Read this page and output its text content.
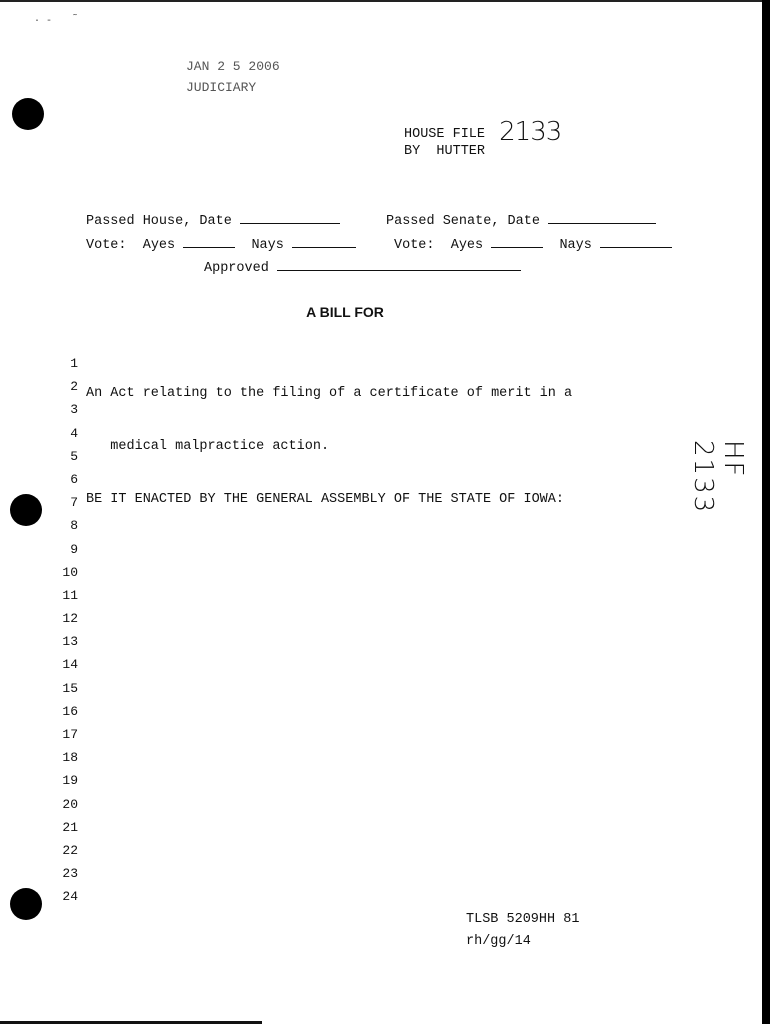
· ‐ ˜
JAN 2 5 2006
JUDICIARY
HOUSE FILE 2133
BY HUTTER
Passed House, Date	Passed Senate, Date
Vote: Ayes	Nays	Vote: Ayes	Nays
Approved
A BILL FOR
1
2
3
4
5
6
7
8
9
10
11
12
13
14
15
16
17
18
19
20
21
22
23
24

An Act relating to the filing of a certificate of merit in a

medical malpractice action.

BE IT ENACTED BY THE GENERAL ASSEMBLY OF THE STATE OF IOWA:

HF 2133
TLSB 5209HH 81
rh/gg/14
